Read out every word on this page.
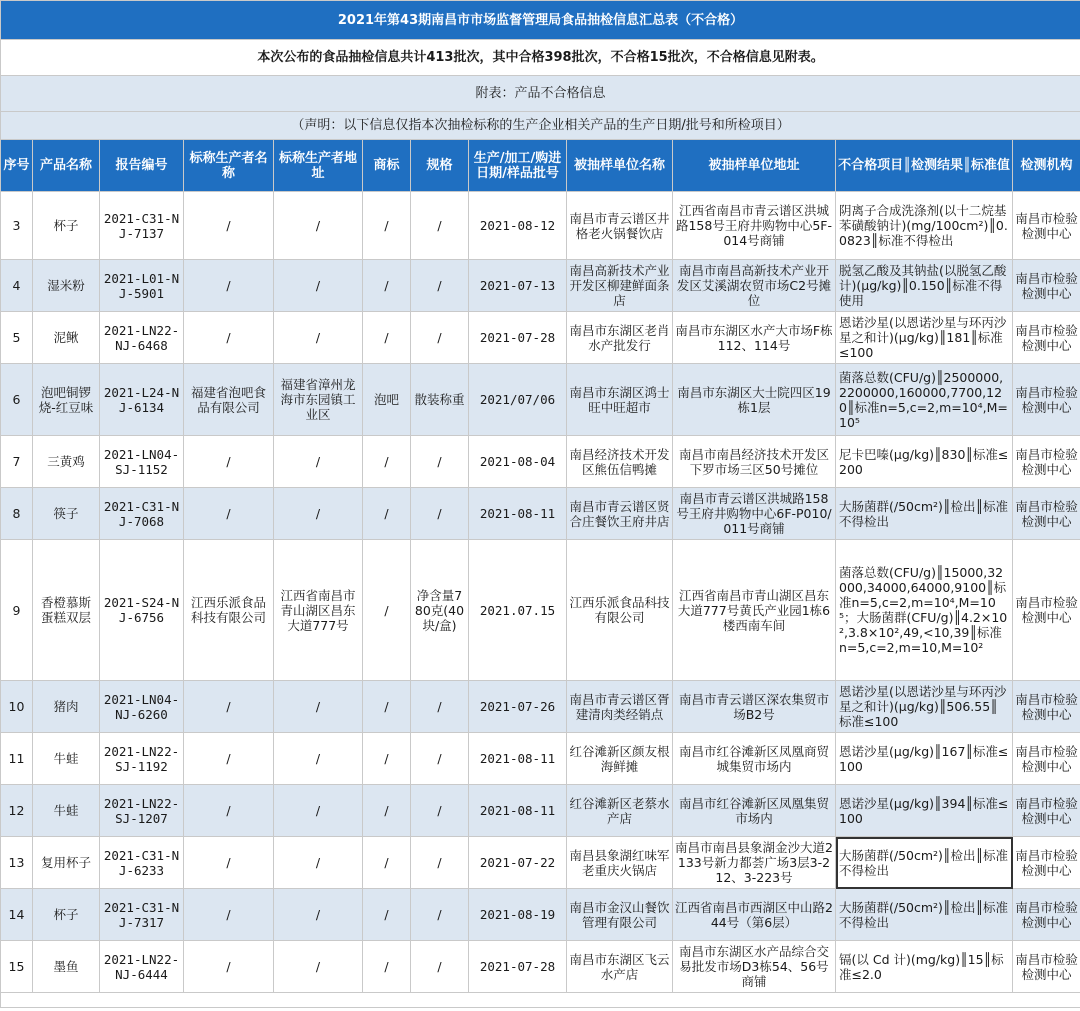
2021年第43期南昌市市场监督管理局食品抽检信息汇总表（不合格）											
本次公布的食品抽检信息共计413批次，其中合格398批次，不合格15批次，不合格信息见附表。											
附表：产品不合格信息											
（声明：以下信息仅指本次抽检标称的生产企业相关产品的生产日期/批号和所检项目）											
序号	产品名称	报告编号	标称生产者名称	标称生产者地址	商标	规格	生产/加工/购进日期/样品批号	被抽样单位名称	被抽样单位地址	不合格项目║检测结果║标准值	检测机构
3	杯子	2021-C31-NJ-7137	/	/	/	/	2021-08-12	南昌市青云谱区井格老火锅餐饮店	江西省南昌市青云谱区洪城路158号王府井购物中心5F-014号商铺	阴离子合成洗涤剂(以十二烷基苯磺酸钠计)(mg/100cm²)║0.0823║标准不得检出	南昌市检验检测中心
4	湿米粉	2021-L01-NJ-5901	/	/	/	/	2021-07-13	南昌高新技术产业开发区柳建鲜面条店	南昌市南昌高新技术产业开发区艾溪湖农贸市场C2号摊位	脱氢乙酸及其钠盐(以脱氢乙酸计)(μg/kg)║0.150║标准不得使用	南昌市检验检测中心
5	泥鳅	2021-LN22-NJ-6468	/	/	/	/	2021-07-28	南昌市东湖区老肖水产批发行	南昌市东湖区水产大市场F栋112、114号	恩诺沙星(以恩诺沙星与环丙沙星之和计)(μg/kg)║181║标准≤100	南昌市检验检测中心
6	泡吧铜锣烧-红豆味	2021-L24-NJ-6134	福建省泡吧食品有限公司	福建省漳州龙海市东园镇工业区	泡吧	散装称重	2021/07/06	南昌市东湖区鸿士旺中旺超市	南昌市东湖区大士院四区19栋1层	菌落总数(CFU/g)║2500000,2200000,160000,7700,120║标准n=5,c=2,m=10⁴,M=10⁵	南昌市检验检测中心
7	三黄鸡	2021-LN04-SJ-1152	/	/	/	/	2021-08-04	南昌经济技术开发区熊伍信鸭摊	南昌市南昌经济技术开发区下罗市场三区50号摊位	尼卡巴嗪(μg/kg)║830║标准≤200	南昌市检验检测中心
8	筷子	2021-C31-NJ-7068	/	/	/	/	2021-08-11	南昌市青云谱区贤合庄餐饮王府井店	南昌市青云谱区洪城路158号王府井购物中心6F-P010/011号商铺	大肠菌群(/50cm²)║检出║标准不得检出	南昌市检验检测中心
9	香橙慕斯蛋糕双层	2021-S24-NJ-6756	江西乐派食品科技有限公司	江西省南昌市青山湖区昌东大道777号	/	净含量780克(40块/盒)	2021.07.15	江西乐派食品科技有限公司	江西省南昌市青山湖区昌东大道777号黄氏产业园1栋6楼西南车间	菌落总数(CFU/g)║15000,32000,34000,64000,9100║标准n=5,c=2,m=10⁴,M=10⁵；大肠菌群(CFU/g)║4.2×10²,3.8×10²,49,<10,39║标准n=5,c=2,m=10,M=10²	南昌市检验检测中心
10	猪肉	2021-LN04-NJ-6260	/	/	/	/	2021-07-26	南昌市青云谱区胥建清肉类经销点	南昌市青云谱区深农集贸市场B2号	恩诺沙星(以恩诺沙星与环丙沙星之和计)(μg/kg)║506.55║标准≤100	南昌市检验检测中心
11	牛蛙	2021-LN22-SJ-1192	/	/	/	/	2021-08-11	红谷滩新区颜友根海鲜摊	南昌市红谷滩新区凤凰商贸城集贸市场内	恩诺沙星(μg/kg)║167║标准≤100	南昌市检验检测中心
12	牛蛙	2021-LN22-SJ-1207	/	/	/	/	2021-08-11	红谷滩新区老蔡水产店	南昌市红谷滩新区凤凰集贸市场内	恩诺沙星(μg/kg)║394║标准≤100	南昌市检验检测中心
13	复用杯子	2021-C31-NJ-6233	/	/	/	/	2021-07-22	南昌县象湖红味军老重庆火锅店	南昌市南昌县象湖金沙大道2133号新力都荟广场3层3-212、3-223号	大肠菌群(/50cm²)║检出║标准不得检出	南昌市检验检测中心
14	杯子	2021-C31-NJ-7317	/	/	/	/	2021-08-19	南昌市金汉山餐饮管理有限公司	江西省南昌市西湖区中山路244号（第6层）	大肠菌群(/50cm²)║检出║标准不得检出	南昌市检验检测中心
15	墨鱼	2021-LN22-NJ-6444	/	/	/	/	2021-07-28	南昌市东湖区飞云水产店	南昌市东湖区水产品综合交易批发市场D3栋54、56号商铺	镉(以 Cd 计)(mg/kg)║15║标准≤2.0	南昌市检验检测中心
